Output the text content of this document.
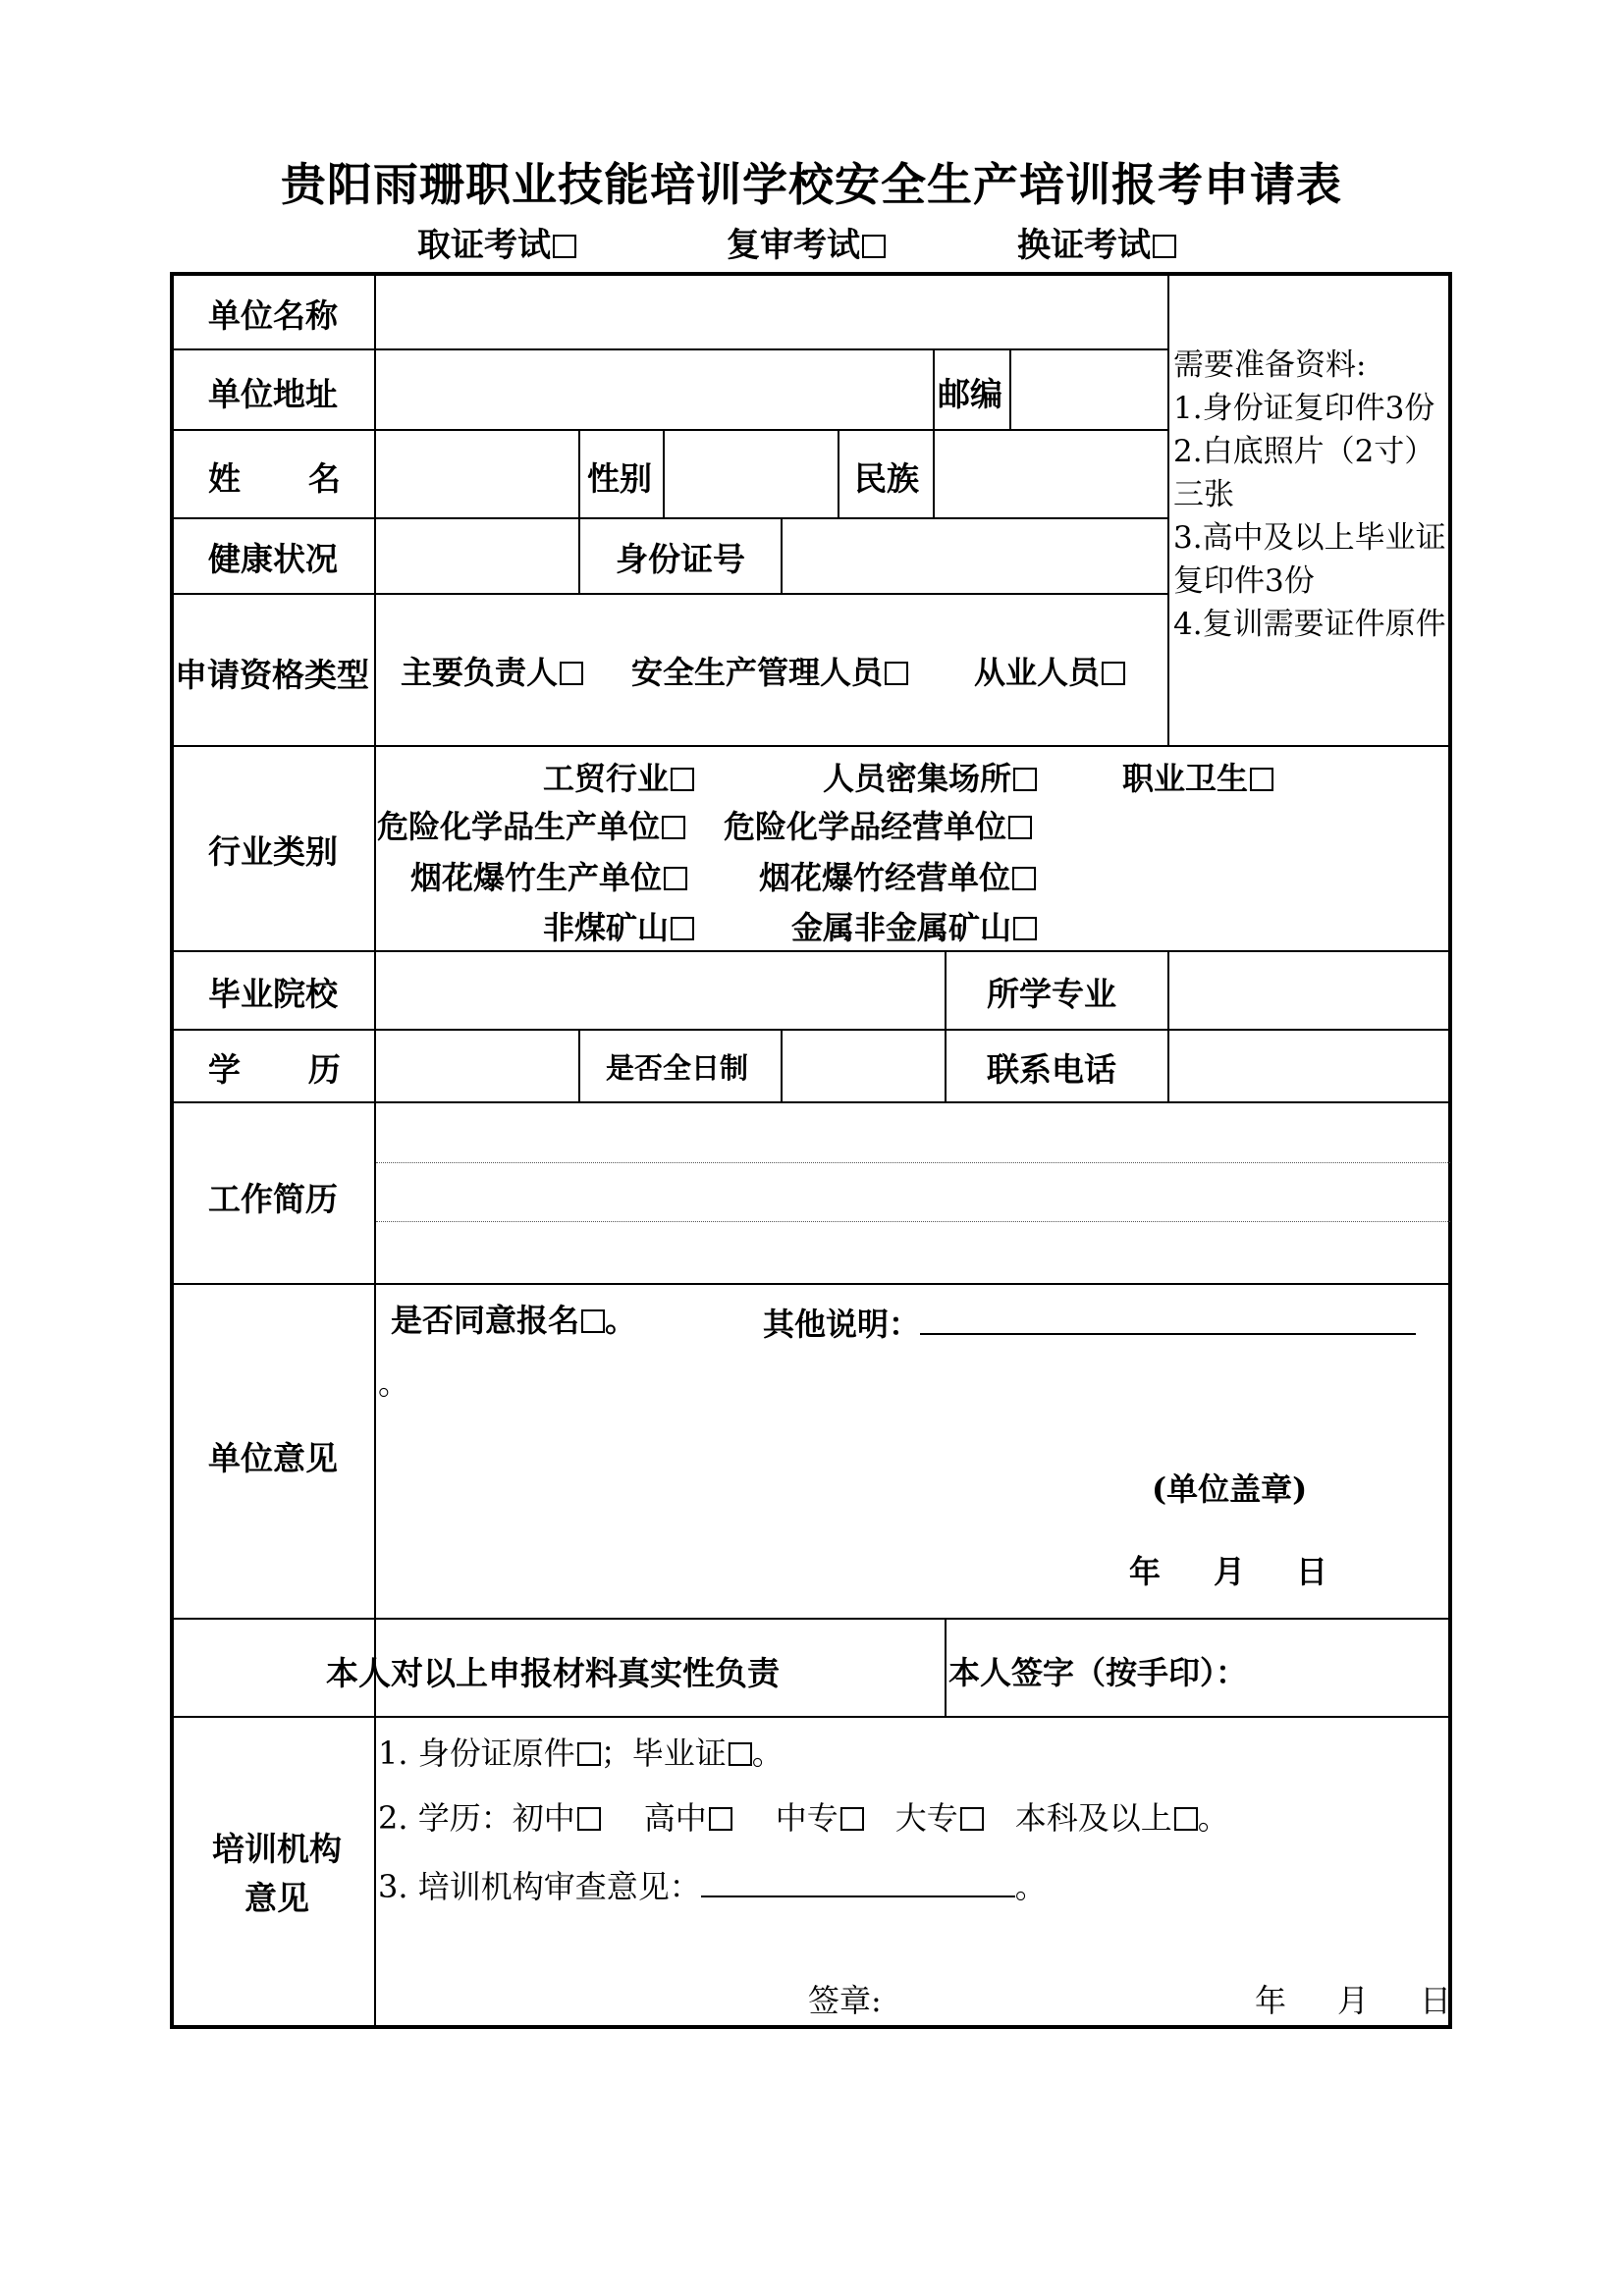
贵阳雨珊职业技能培训学校安全生产培训报考申请表
取证考试	复审考试	换证考试
单位名称
单位地址	邮编
需要准备资料:
1.身份证复印件3份
2.白底照片（2寸）三张
3.高中及以上毕业证复印件3份
4.复训需要证件原件
姓      名	性别	民族
健康状况	身份证号
申请资格类型 主要负责人	安全生产管理人员	从业人员
行业类别
工贸行业	人员密集场所	职业卫生
危险化学品生产单位	危险化学品经营单位
烟花爆竹生产单位	烟花爆竹经营单位
非煤矿山	金属非金属矿山
毕业院校	所学专业
学      历	是否全日制	联系电话
工作简历
单位意见
是否同意报名 。	其他说明：
。
(单位盖章)
年 月 日
本人对以上申报材料真实性负责	本人签字（按手印）：
培训机构意见
1. 身份证原件 ；毕业证 。
2. 学历：初中 高中 中专 大专 本科及以上 。
3. 培训机构审查意见：	。
签章:	年 月 日
